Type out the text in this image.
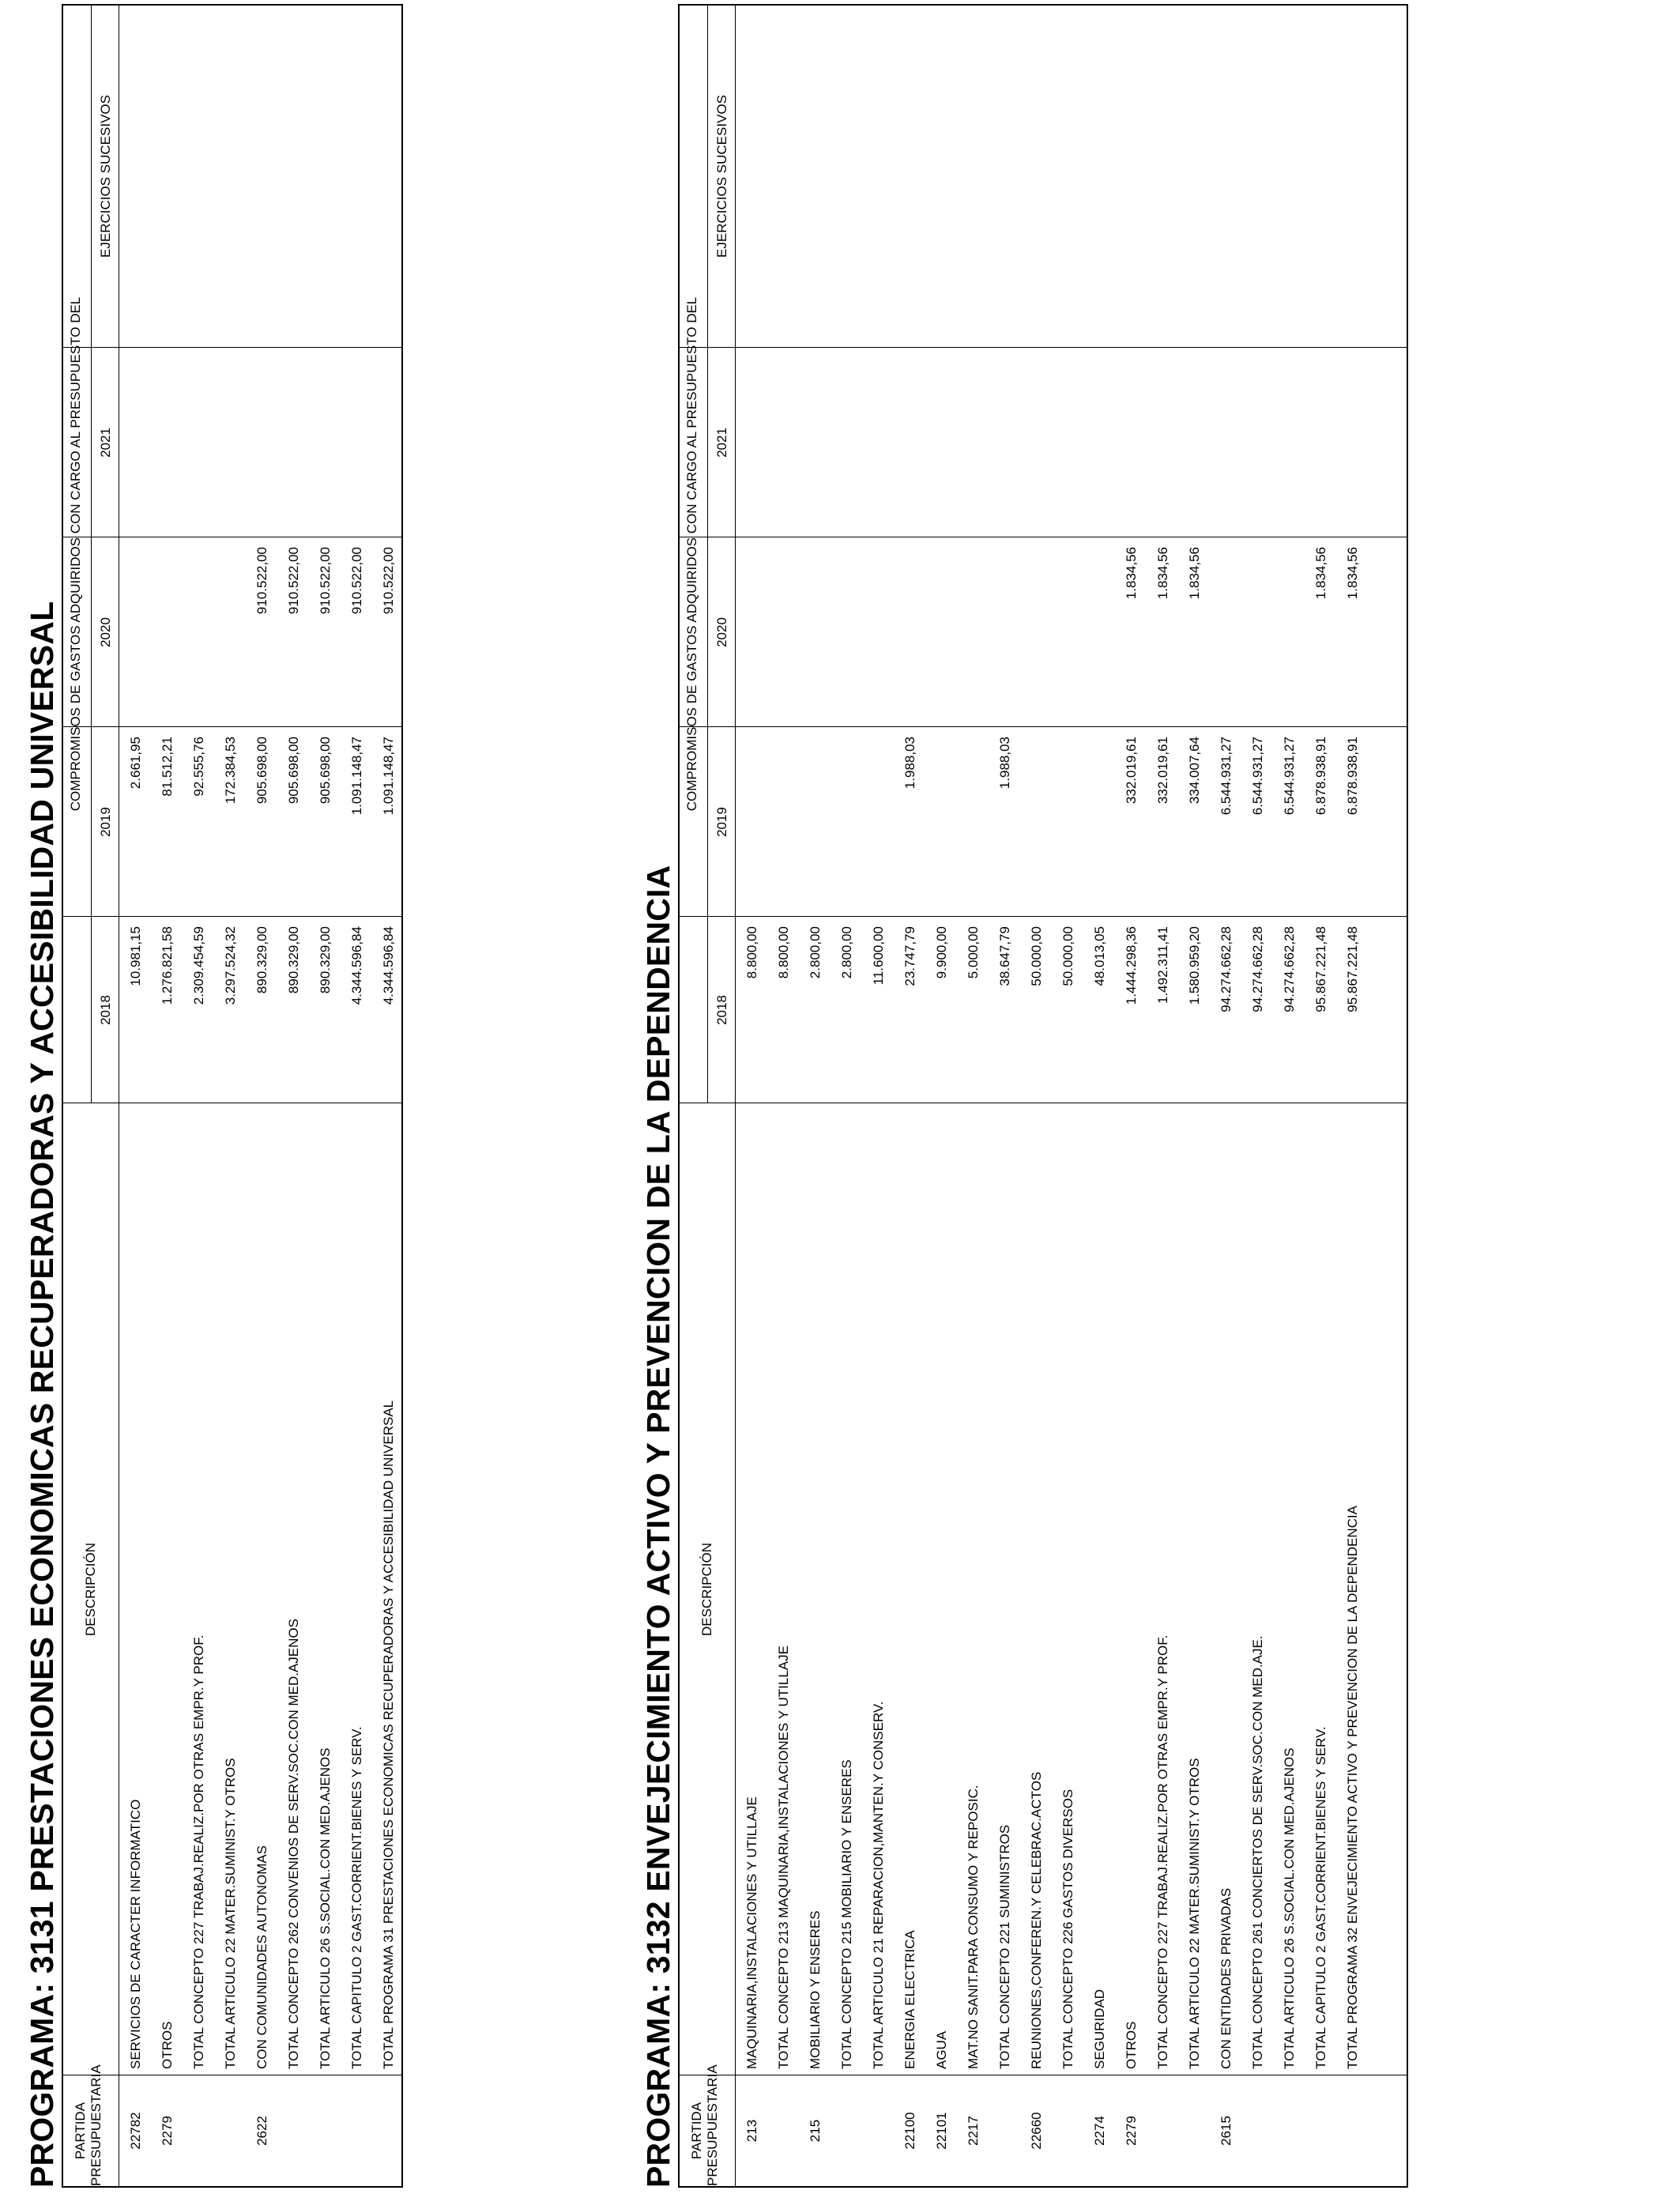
PROGRAMA: 3131 PRESTACIONES ECONOMICAS RECUPERADORAS Y ACCESIBILIDAD UNIVERSAL PARTIDA PRESUPUESTARIA
DESCRIPCIÓN
COMPROMISOS DE GASTOS ADQUIRIDOS CON CARGO AL PRESUPUESTO DEL
2018
2019
2020
2021
EJERCICIOS SUCESIVOS
22782
SERVICIOS DE CARACTER INFORMATICO
10.981,15
2.661,95
2279
OTROS
1.276.821,58
81.512,21
TOTAL CONCEPTO 227 TRABAJ.REALIZ.POR OTRAS EMPR.Y PROF.
2.309.454,59
92.555,76
TOTAL ARTICULO 22 MATER.SUMINIST.Y OTROS
3.297.524,32
172.384,53
2622
CON COMUNIDADES AUTONOMAS
890.329,00
905.698,00
910.522,00
TOTAL CONCEPTO 262 CONVENIOS DE SERV.SOC.CON MED.AJENOS
890.329,00
905.698,00
910.522,00
TOTAL ARTICULO 26 S.SOCIAL.CON MED.AJENOS
890.329,00
905.698,00
910.522,00
TOTAL CAPITULO 2 GAST.CORRIENT.BIENES Y SERV.
4.344.596,84
1.091.148,47
910.522,00
TOTAL PROGRAMA 31 PRESTACIONES ECONOMICAS RECUPERADORAS Y ACCESIBILIDAD UNIVERSAL
4.344.596,84
1.091.148,47
910.522,00
PROGRAMA: 3132 ENVEJECIMIENTO ACTIVO Y PREVENCION DE LA DEPENDENCIA PARTIDA PRESUPUESTARIA
DESCRIPCIÓN
COMPROMISOS DE GASTOS ADQUIRIDOS CON CARGO AL PRESUPUESTO DEL
2018
2019
2020
2021
EJERCICIOS SUCESIVOS
213
MAQUINARIA,INSTALACIONES Y UTILLAJE
8.800,00
TOTAL CONCEPTO 213 MAQUINARIA,INSTALACIONES Y UTILLAJE
8.800,00
215
MOBILIARIO Y ENSERES
2.800,00
TOTAL CONCEPTO 215 MOBILIARIO Y ENSERES
2.800,00
TOTAL ARTICULO 21 REPARACION,MANTEN.Y CONSERV.
11.600,00
22100
ENERGIA ELECTRICA
23.747,79
1.988,03
22101
AGUA
9.900,00
2217
MAT.NO SANIT.PARA CONSUMO Y REPOSIC.
5.000,00
TOTAL CONCEPTO 221 SUMINISTROS
38.647,79
1.988,03
22660
REUNIONES,CONFEREN.Y CELEBRAC.ACTOS
50.000,00
TOTAL CONCEPTO 226 GASTOS DIVERSOS
50.000,00
2274
SEGURIDAD
48.013,05
2279
OTROS
1.444.298,36
332.019,61
1.834,56
TOTAL CONCEPTO 227 TRABAJ.REALIZ.POR OTRAS EMPR.Y PROF.
1.492.311,41
332.019,61
1.834,56
TOTAL ARTICULO 22 MATER.SUMINIST.Y OTROS
1.580.959,20
334.007,64
1.834,56
2615
CON ENTIDADES PRIVADAS
94.274.662,28
6.544.931,27
TOTAL CONCEPTO 261 CONCIERTOS DE SERV.SOC.CON MED.AJE.
94.274.662,28
6.544.931,27
TOTAL ARTICULO 26 S.SOCIAL.CON MED.AJENOS
94.274.662,28
6.544.931,27
TOTAL CAPITULO 2 GAST.CORRIENT.BIENES Y SERV.
95.867.221,48
6.878.938,91
1.834,56
TOTAL PROGRAMA 32 ENVEJECIMIENTO ACTIVO Y PREVENCION DE LA DEPENDENCIA
95.867.221,48
6.878.938,91
1.834,56
